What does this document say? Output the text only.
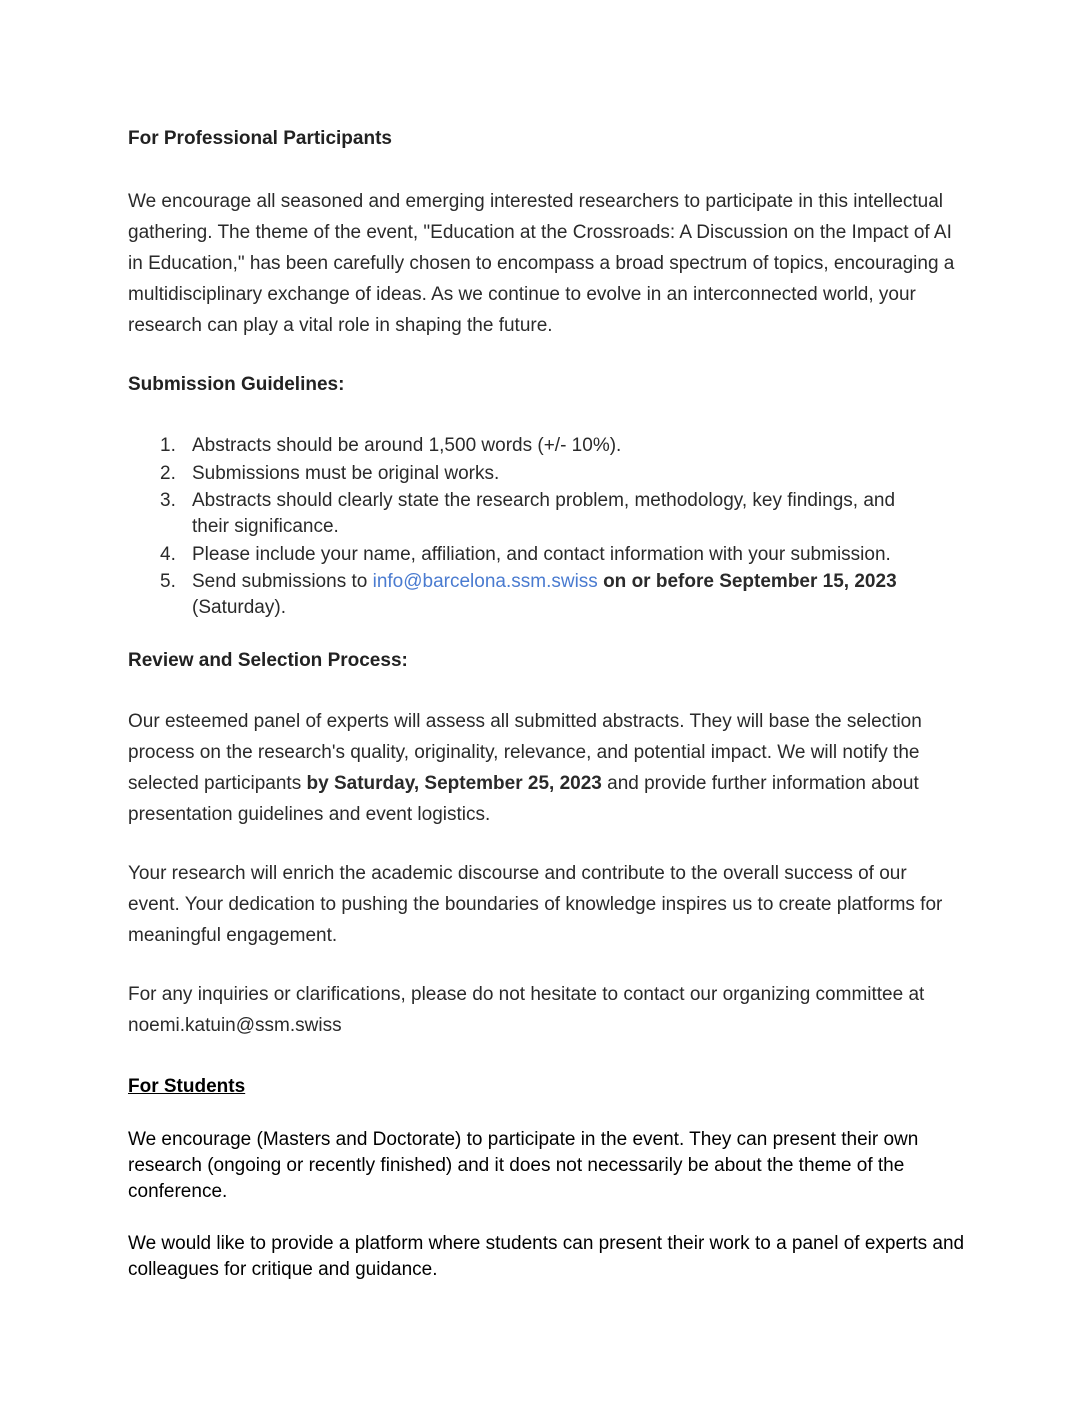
For Professional Participants

We encourage all seasoned and emerging interested researchers to participate in this intellectual gathering. The theme of the event, "Education at the Crossroads: A Discussion on the Impact of AI in Education," has been carefully chosen to encompass a broad spectrum of topics, encouraging a multidisciplinary exchange of ideas. As we continue to evolve in an interconnected world, your research can play a vital role in shaping the future.

Submission Guidelines:
1. Abstracts should be around 1,500 words (+/- 10%).
2. Submissions must be original works.
3. Abstracts should clearly state the research problem, methodology, key findings, and their significance.
4. Please include your name, affiliation, and contact information with your submission.
5. Send submissions to info@barcelona.ssm.swiss on or before September 15, 2023 (Saturday).
Review and Selection Process:

Our esteemed panel of experts will assess all submitted abstracts. They will base the selection process on the research's quality, originality, relevance, and potential impact. We will notify the selected participants by Saturday, September 25, 2023 and provide further information about presentation guidelines and event logistics.

Your research will enrich the academic discourse and contribute to the overall success of our event. Your dedication to pushing the boundaries of knowledge inspires us to create platforms for meaningful engagement.

For any inquiries or clarifications, please do not hesitate to contact our organizing committee at
noemi.katuin@ssm.swiss

For Students

We encourage (Masters and Doctorate) to participate in the event. They can present their own research (ongoing or recently finished) and it does not necessarily be about the theme of the conference.

We would like to provide a platform where students can present their work to a panel of experts and colleagues for critique and guidance.
